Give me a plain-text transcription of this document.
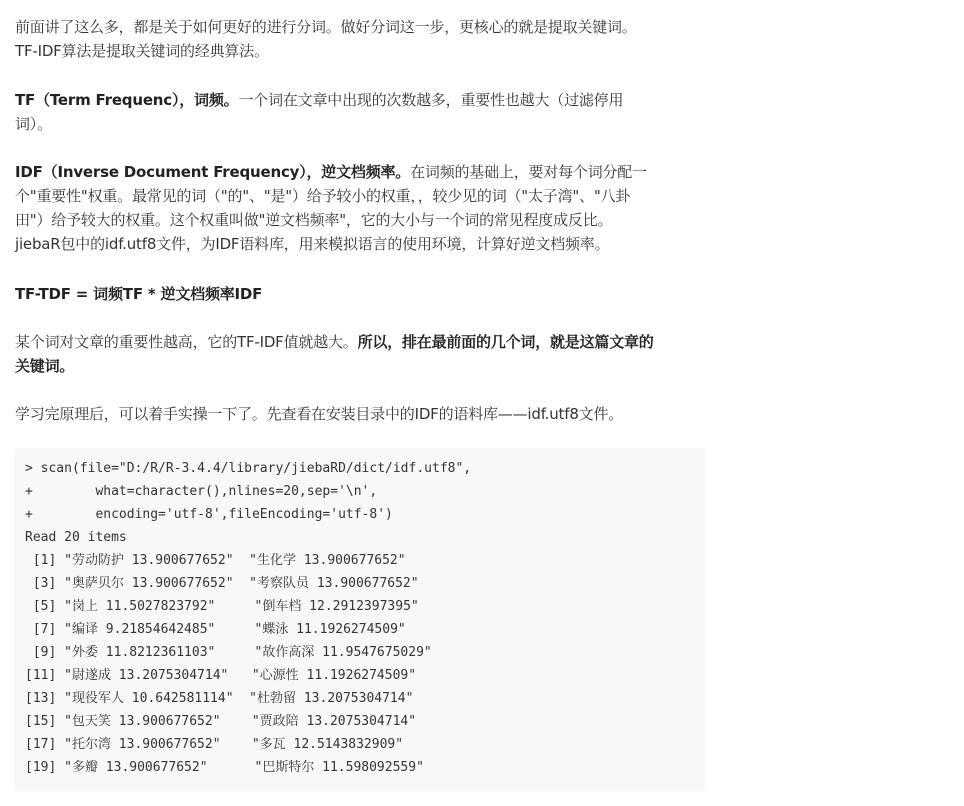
前面讲了这么多，都是关于如何更好的进行分词。做好分词这一步，更核心的就是提取关键词。
TF-IDF算法是提取关键词的经典算法。
TF（Term Frequenc），词频。一个词在文章中出现的次数越多，重要性也越大（过滤停用
词）。
IDF（Inverse Document Frequency），逆文档频率。在词频的基础上，要对每个词分配一
个"重要性"权重。最常见的词（"的"、"是"）给予较小的权重，，较少见的词（"太子湾"、"八卦
田"）给予较大的权重。这个权重叫做"逆文档频率"，它的大小与一个词的常见程度成反比。
jiebaR包中的idf.utf8文件，为IDF语料库，用来模拟语言的使用环境，计算好逆文档频率。
TF-TDF = 词频TF * 逆文档频率IDF
某个词对文章的重要性越高，它的TF-IDF值就越大。所以，排在最前面的几个词，就是这篇文章的
关键词。
学习完原理后，可以着手实操一下了。先查看在安装目录中的IDF的语料库——idf.utf8文件。
> scan(file="D:/R/R-3.4.4/library/jiebaRD/dict/idf.utf8",
+        what=character(),nlines=20,sep='\n',
+        encoding='utf-8',fileEncoding='utf-8')
Read 20 items
[1] "劳动防护 13.900677652"  "生化学 13.900677652"
[3] "奥萨贝尔 13.900677652"  "考察队员 13.900677652"
[5] "岗上 11.5027823792"     "倒车档 12.2912397395"
[7] "编译 9.21854642485"     "蝶泳 11.1926274509"
[9] "外委 11.8212361103"     "故作高深 11.9547675029"
[11] "尉遂成 13.2075304714"   "心源性 11.1926274509"
[13] "现役军人 10.642581114"  "杜勃留 13.2075304714"
[15] "包天笑 13.900677652"    "贾政陪 13.2075304714"
[17] "托尔湾 13.900677652"    "多瓦 12.5143832909"
[19] "多瓣 13.900677652"      "巴斯特尔 11.598092559"
